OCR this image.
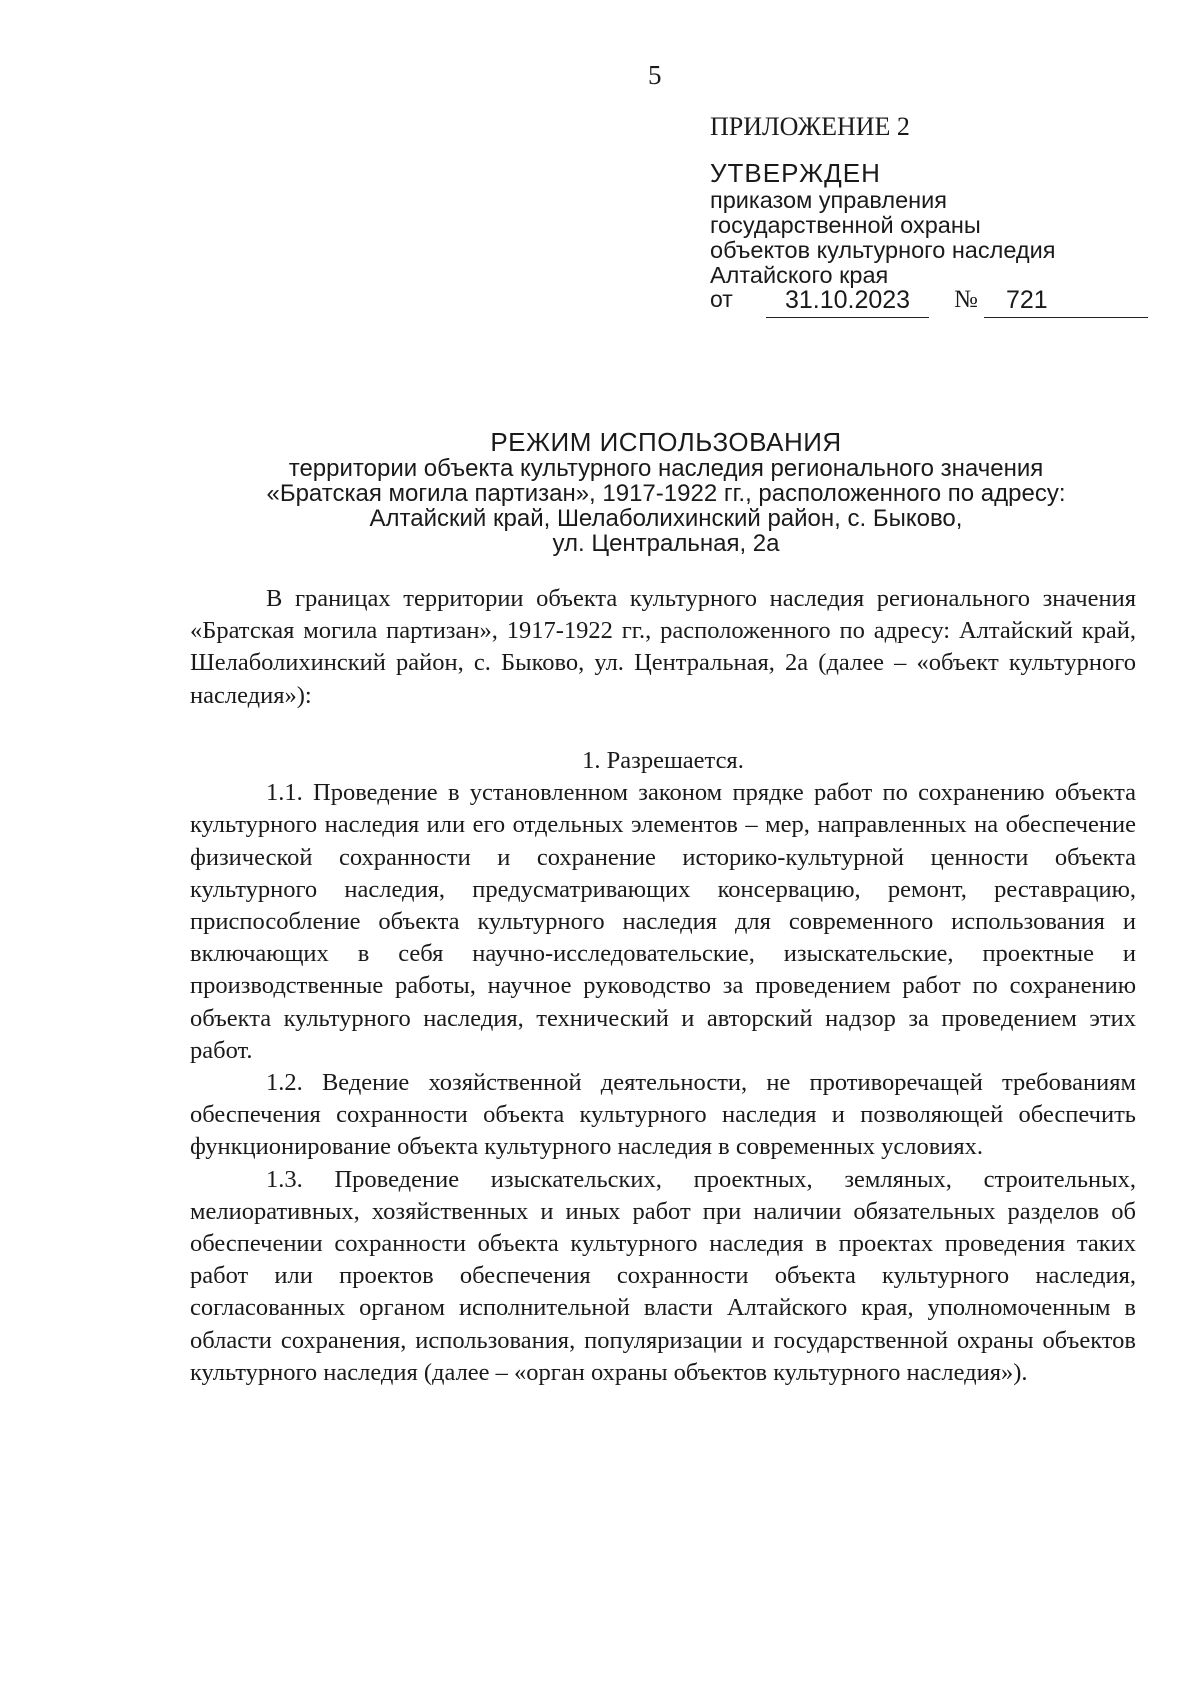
5
ПРИЛОЖЕНИЕ 2
УТВЕРЖДЕН
приказом управления
государственной охраны
объектов культурного наследия
Алтайского края
от	31.10.2023	№	721
РЕЖИМ ИСПОЛЬЗОВАНИЯ
территории объекта культурного наследия регионального значения
«Братская могила партизан», 1917-1922 гг., расположенного по адресу:
Алтайский край, Шелаболихинский район, с. Быково,
ул. Центральная, 2а

В границах территории объекта культурного наследия регионального значения «Братская могила партизан», 1917-1922 гг., расположенного по адресу: Алтайский край, Шелаболихинский район, с. Быково, ул. Центральная, 2а (далее – «объект культурного наследия»):

1. Разрешается.

1.1. Проведение в установленном законом прядке работ по сохранению объекта культурного наследия или его отдельных элементов – мер, направленных на обеспечение физической сохранности и сохранение историко-культурной ценности объекта культурного наследия, предусматривающих консервацию, ремонт, реставрацию, приспособление объекта культурного наследия для современного использования и включающих в себя научно-исследовательские, изыскательские, проектные и производственные работы, научное руководство за проведением работ по сохранению объекта культурного наследия, технический и авторский надзор за проведением этих работ.

1.2. Ведение хозяйственной деятельности, не противоречащей требованиям обеспечения сохранности объекта культурного наследия и позволяющей обеспечить функционирование объекта культурного наследия в современных условиях.

1.3. Проведение изыскательских, проектных, земляных, строительных, мелиоративных, хозяйственных и иных работ при наличии обязательных разделов об обеспечении сохранности объекта культурного наследия в проектах проведения таких работ или проектов обеспечения сохранности объекта культурного наследия, согласованных органом исполнительной власти Алтайского края, уполномоченным в области сохранения, использования, популяризации и государственной охраны объектов культурного наследия (далее – «орган охраны объектов культурного наследия»).
